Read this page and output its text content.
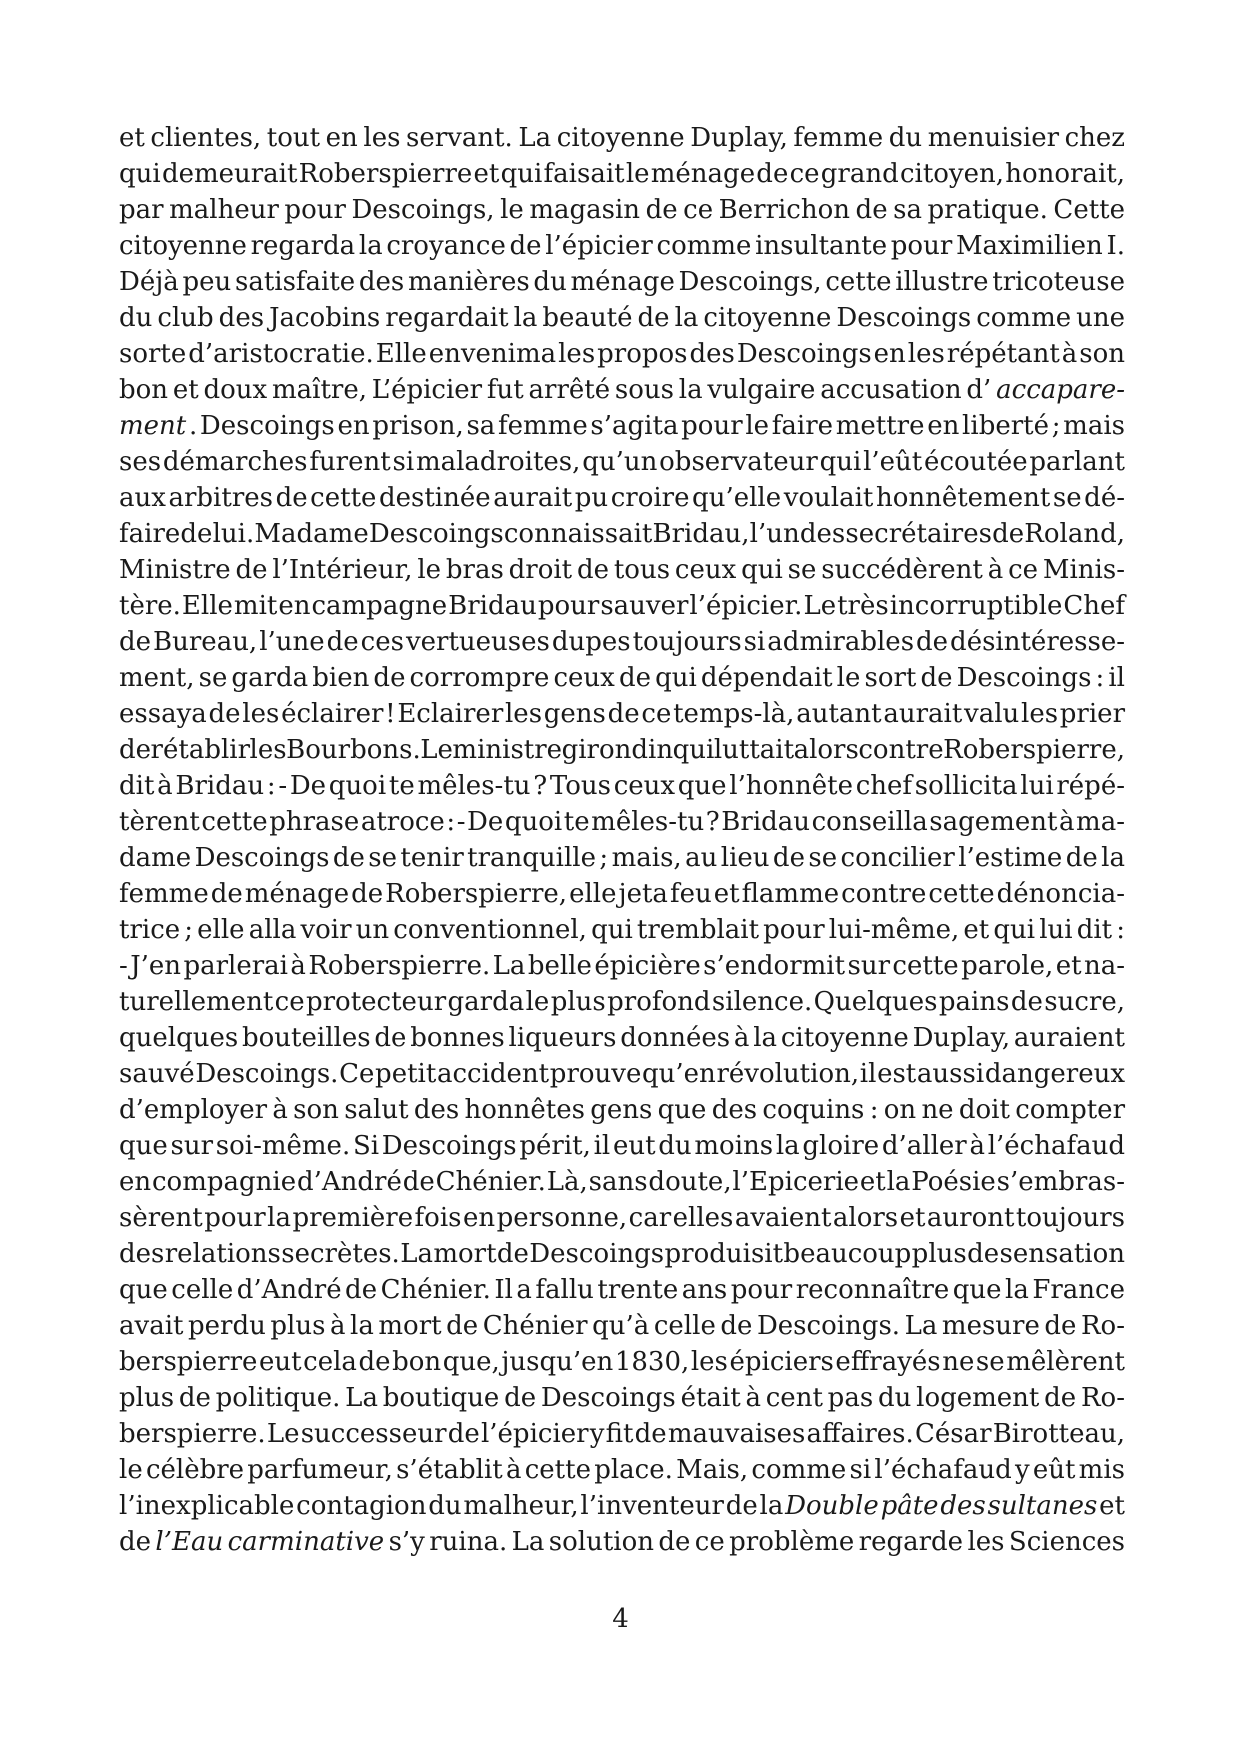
et clientes, tout en les servant. La citoyenne Duplay, femme du menuisier chez
qui demeurait Roberspierre et qui faisait le ménage de ce grand citoyen, honorait,
par malheur pour Descoings, le magasin de ce Berrichon de sa pratique. Cette
citoyenne regarda la croyance de l’épicier comme insultante pour Maximilien I.
Déjà peu satisfaite des manières du ménage Descoings, cette illustre tricoteuse
du club des Jacobins regardait la beauté de la citoyenne Descoings comme une
sorte d’aristocratie. Elle envenima les propos des Descoings en les répétant à son
bon et doux maître, L’épicier fut arrêté sous la vulgaire accusation d’ accapare-
ment . Descoings en prison, sa femme s’agita pour le faire mettre en liberté ; mais
ses démarches furent si maladroites, qu’un observateur qui l’eût écoutée parlant
aux arbitres de cette destinée aurait pu croire qu’elle voulait honnêtement se dé-
faire de lui. Madame Descoings connaissait Bridau, l’un des secrétaires de Roland,
Ministre de l’Intérieur, le bras droit de tous ceux qui se succédèrent à ce Minis-
tère. Elle mit en campagne Bridau pour sauver l’épicier. Le très incorruptible Chef
de Bureau, l’une de ces vertueuses dupes toujours si admirables de désintéresse-
ment, se garda bien de corrompre ceux de qui dépendait le sort de Descoings : il
essaya de les éclairer ! Eclairer les gens de ce temps-là, autant aurait valu les prier
de rétablir les Bourbons. Le ministre girondin qui luttait alors contre Roberspierre,
dit à Bridau : - De quoi te mêles-tu ? Tous ceux que l’honnête chef sollicita lui répé-
tèrent cette phrase atroce : - De quoi te mêles-tu ? Bridau conseilla sagement à ma-
dame Descoings de se tenir tranquille ; mais, au lieu de se concilier l’estime de la
femme de ménage de Roberspierre, elle jeta feu et flamme contre cette dénoncia-
trice ; elle alla voir un conventionnel, qui tremblait pour lui-même, et qui lui dit :
- J’en parlerai à Roberspierre. La belle épicière s’endormit sur cette parole, et na-
turellement ce protecteur garda le plus profond silence. Quelques pains de sucre,
quelques bouteilles de bonnes liqueurs données à la citoyenne Duplay, auraient
sauvé Descoings. Ce petit accident prouve qu’en révolution, il est aussi dangereux
d’employer à son salut des honnêtes gens que des coquins : on ne doit compter
que sur soi-même. Si Descoings périt, il eut du moins la gloire d’aller à l’échafaud
en compagnie d’André de Chénier. Là, sans doute, l’Epicerie et la Poésie s’embras-
sèrent pour la première fois en personne, car elles avaient alors et auront toujours
des relations secrètes. La mort de Descoings produisit beaucoup plus de sensation
que celle d’André de Chénier. Il a fallu trente ans pour reconnaître que la France
avait perdu plus à la mort de Chénier qu’à celle de Descoings. La mesure de Ro-
berspierre eut cela de bon que, jusqu’en 1830, les épiciers effrayés ne se mêlèrent
plus de politique. La boutique de Descoings était à cent pas du logement de Ro-
berspierre. Le successeur de l’épicier y fit de mauvaises affaires. César Birotteau,
le célèbre parfumeur, s’établit à cette place. Mais, comme si l’échafaud y eût mis
l’inexplicable contagion du malheur, l’inventeur de la Double pâte des sultanes et
de l’Eau carminative s’y ruina. La solution de ce problème regarde les Sciences
4
